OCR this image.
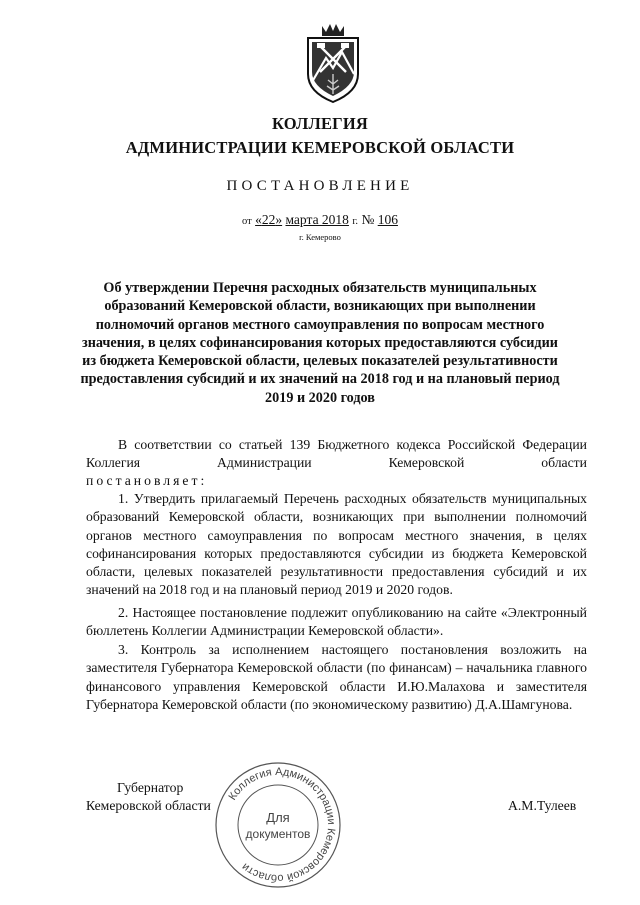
КОЛЛЕГИЯ
АДМИНИСТРАЦИИ КЕМЕРОВСКОЙ ОБЛАСТИ
ПОСТАНОВЛЕНИЕ
от «22» марта 2018 г. № 106
г. Кемерово
Об утверждении Перечня расходных обязательств муниципальных образований Кемеровской области, возникающих при выполнении полномочий органов местного самоуправления по вопросам местного значения, в целях софинансирования которых предоставляются субсидии из бюджета Кемеровской области, целевых показателей результативности предоставления субсидий и их значений на 2018 год и на плановый период 2019 и 2020 годов
В соответствии со статьей 139 Бюджетного кодекса Российской Федерации Коллегия Администрации Кемеровской области
постановляет:
1. Утвердить прилагаемый Перечень расходных обязательств муниципальных образований Кемеровской области, возникающих при выполнении полномочий органов местного самоуправления по вопросам местного значения, в целях софинансирования которых предоставляются субсидии из бюджета Кемеровской области, целевых показателей результативности предоставления субсидий и их значений на 2018 год и на плановый период 2019 и 2020 годов.
2. Настоящее постановление подлежит опубликованию на сайте «Электронный бюллетень Коллегии Администрации Кемеровской области».
3. Контроль за исполнением настоящего постановления возложить на заместителя Губернатора Кемеровской области (по финансам) – начальника главного финансового управления Кемеровской области И.Ю.Малахова и заместителя Губернатора Кемеровской области (по экономическому развитию) Д.А.Шамгунова.
Губернатор
Кемеровской области	А.М.Тулеев
Коллегия Администрации Кемеровской области
Для
документов
